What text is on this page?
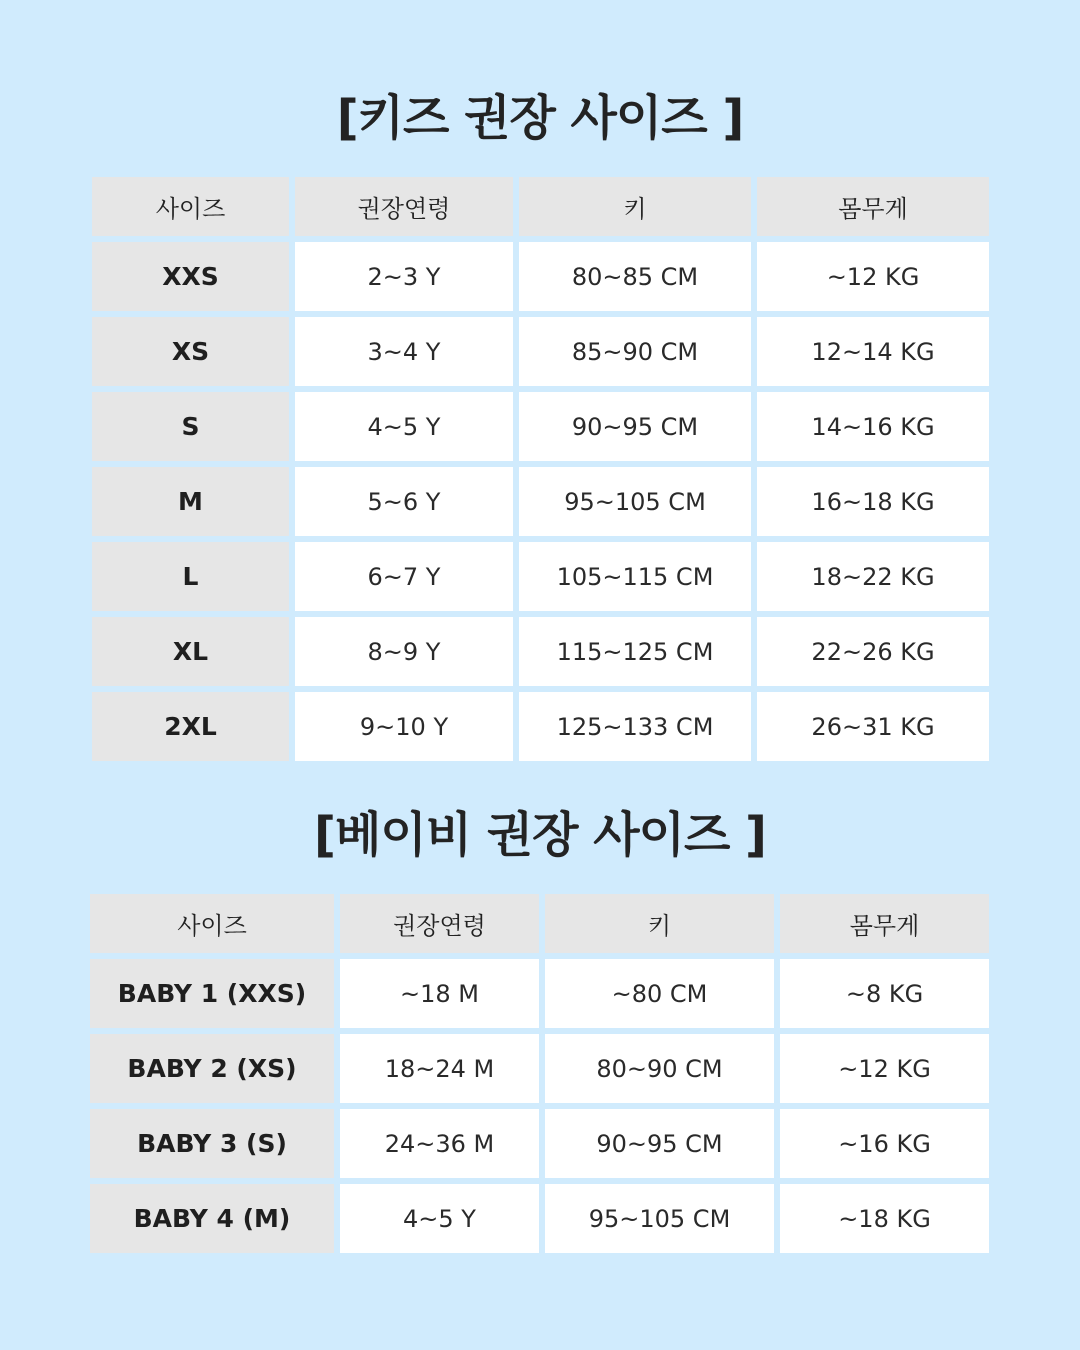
[키즈 권장 사이즈 ]
사이즈	권장연령	키	몸무게
XXS	2~3 Y	80~85 CM	~12 KG
XS	3~4 Y	85~90 CM	12~14 KG
S	4~5 Y	90~95 CM	14~16 KG
M	5~6 Y	95~105 CM	16~18 KG
L	6~7 Y	105~115 CM	18~22 KG
XL	8~9 Y	115~125 CM	22~26 KG
2XL	9~10 Y	125~133 CM	26~31 KG
[베이비 권장 사이즈 ]
사이즈	권장연령	키	몸무게
BABY 1 (XXS)	~18 M	~80 CM	~8 KG
BABY 2 (XS)	18~24 M	80~90 CM	~12 KG
BABY 3 (S)	24~36 M	90~95 CM	~16 KG
BABY 4 (M)	4~5 Y	95~105 CM	~18 KG
